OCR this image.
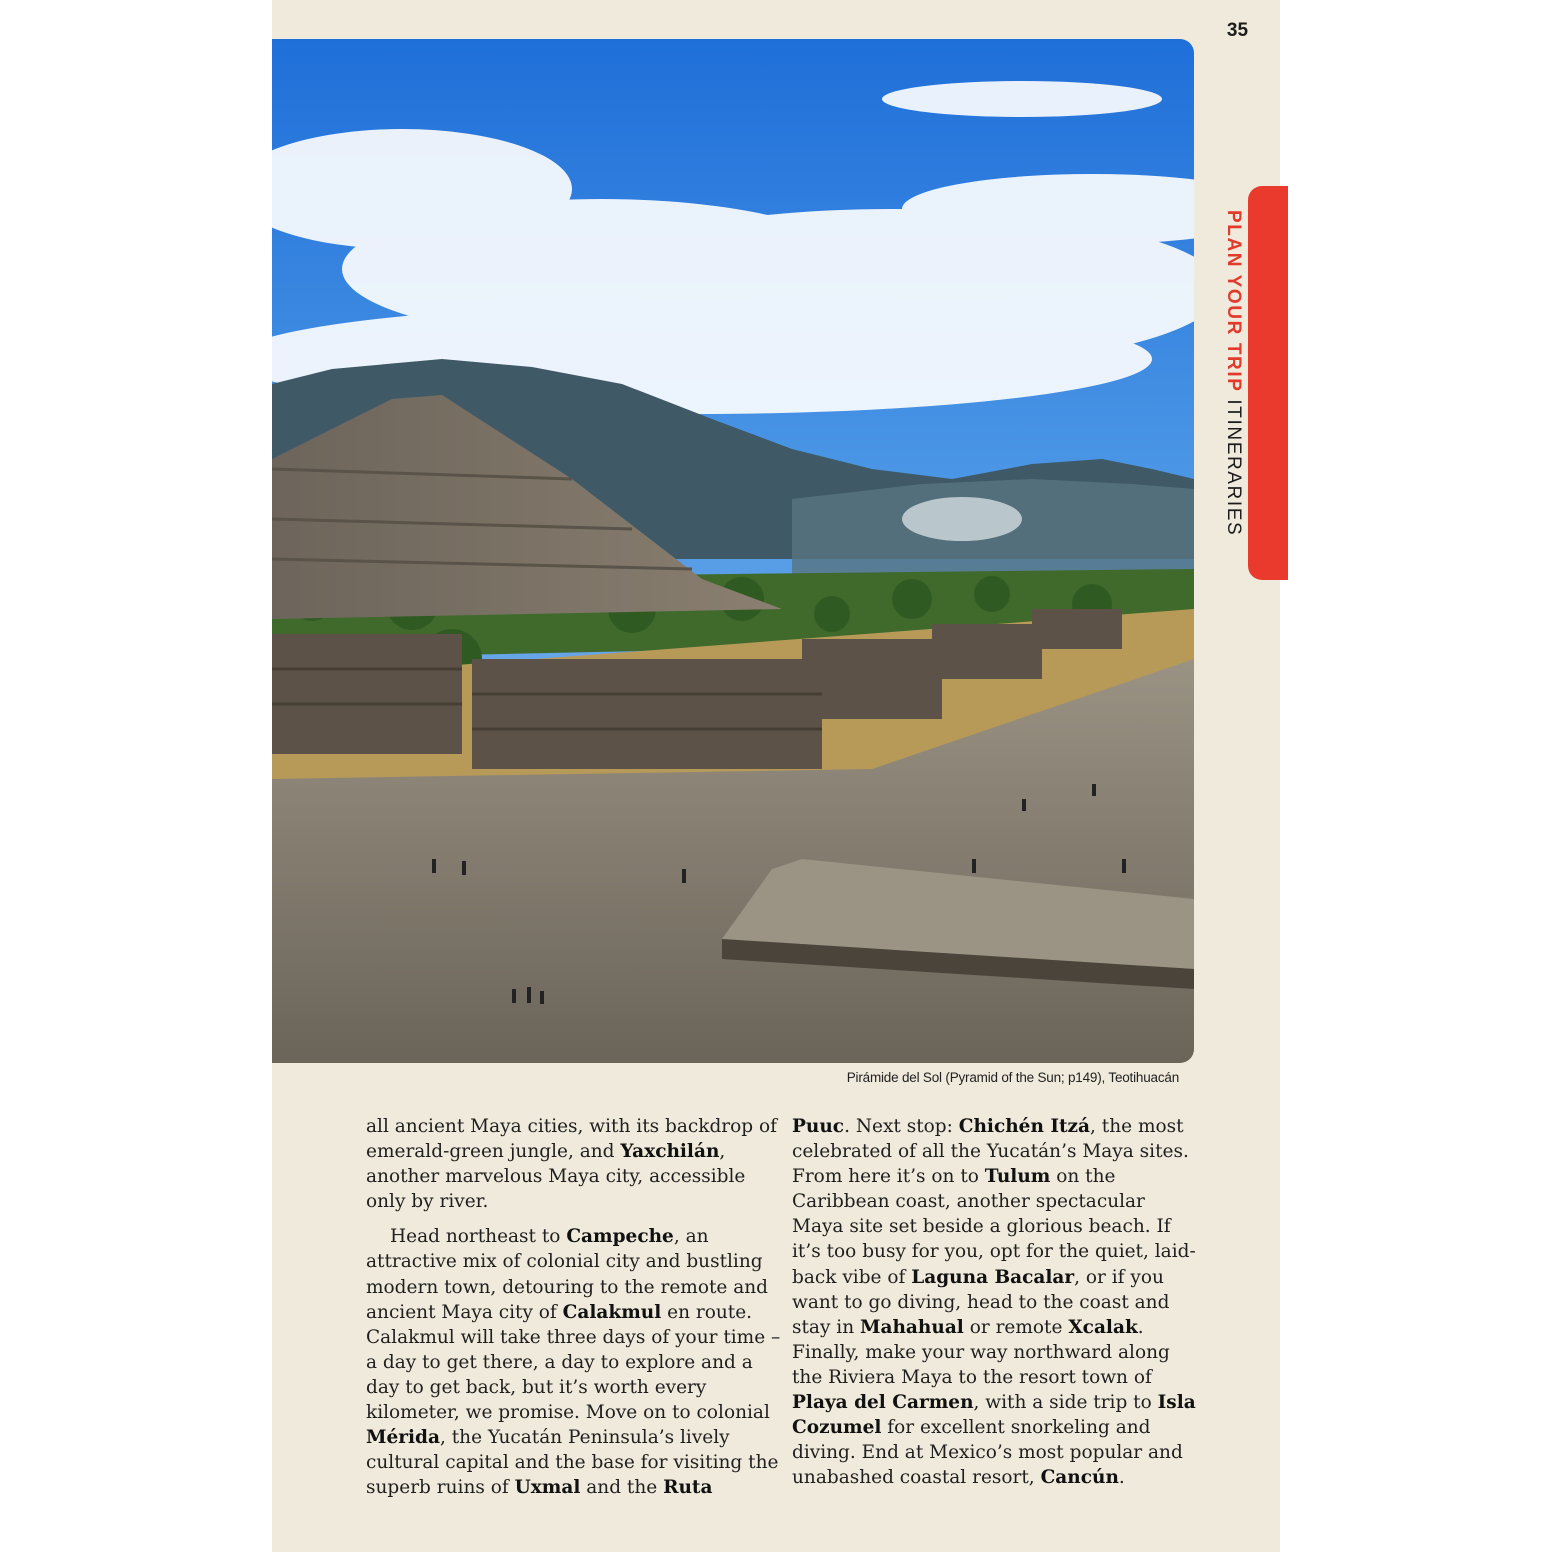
35
Pirámide del Sol (Pyramid of the Sun; p149), Teotihuacán
PLAN YOUR TRIP ITINERARIES

all ancient Maya cities, with its backdrop of emerald-green jungle, and Yaxchilán, another marvelous Maya city, accessible only by river.

Head northeast to Campeche, an attractive mix of colonial city and bustling modern town, detouring to the remote and ancient Maya city of Calakmul en route. Calakmul will take three days of your time – a day to get there, a day to explore and a day to get back, but it’s worth every kilometer, we promise. Move on to colonial Mérida, the Yucatán Peninsula’s lively cultural capital and the base for visiting the superb ruins of Uxmal and the Ruta

Puuc. Next stop: Chichén Itzá, the most celebrated of all the Yucatán’s Maya sites. From here it’s on to Tulum on the Caribbean coast, another spectacular Maya site set beside a glorious beach. If it’s too busy for you, opt for the quiet, laid-back vibe of Laguna Bacalar, or if you want to go diving, head to the coast and stay in Mahahual or remote Xcalak. Finally, make your way northward along the Riviera Maya to the resort town of Playa del Carmen, with a side trip to Isla Cozumel for excellent snorkeling and diving. End at Mexico’s most popular and unabashed coastal resort, Cancún.
